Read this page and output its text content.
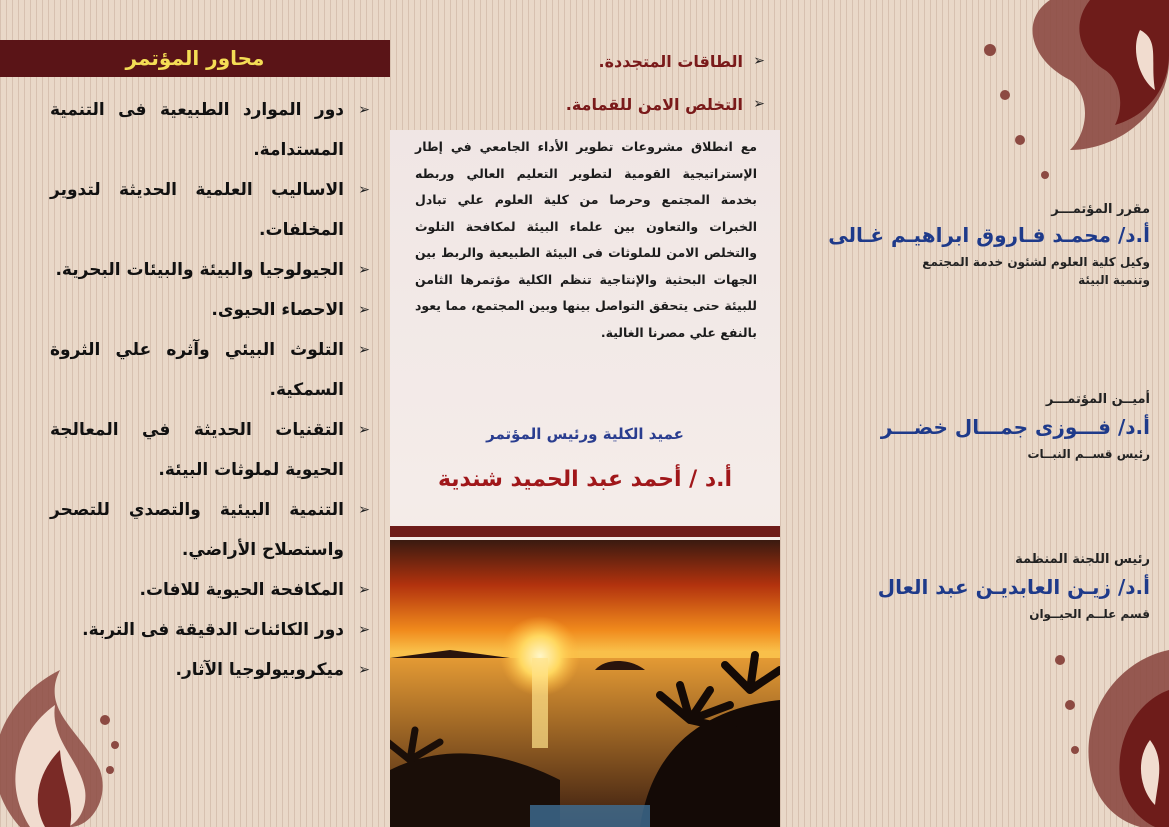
محاور المؤتمر
➢
دور الموارد الطبيعية فى التنمية المستدامة.
➢
الاساليب العلمية الحديثة لتدوير المخلفات.
➢
الجيولوجيا والبيئة والبيئات البحرية.
➢
الاحصاء الحيوى.
➢
التلوث البيئي وآثره علي الثروة السمكية.
➢
التقنيات الحديثة في المعالجة الحيوية لملوثات البيئة.
➢
التنمية البيئية والتصدي للتصحر واستصلاح الأراضي.
➢
المكافحة الحيوية للافات.
➢
دور الكائنات الدقيقة فى التربة.
➢
ميكروبيولوجيا الآثار.
➢
الطاقات المتجددة.
➢
التخلص الامن للقمامة.
مع انطلاق مشروعات تطوير الأداء الجامعي في إطار الإستراتيجية القومية لتطوير التعليم العالي وربطه بخدمة المجتمع وحرصا من كلية العلوم علي تبادل الخبرات والتعاون بين علماء البيئة لمكافحة التلوث والتخلص الامن للملوثات فى البيئة الطبيعية والربط بين الجهات البحثية والإنتاجية تنظم الكلية مؤتمرها الثامن للبيئة حتى يتحقق التواصل بينها وبين المجتمع، مما يعود بالنفع علي مصرنا الغالية.
عميد الكلية ورئيس المؤتمر
أ.د / أحمد عبد الحميد شندية
مقرر المؤتمـــر
أ.د/ محمـد فـاروق ابراهيـم غـالى
وكيل كلية العلوم لشئون خدمة المجتمع
وتنمية البيئة
أميــن المؤتمـــر
أ.د/ فـــوزى جمـــال خضـــر
رئيس قســم النبــات
رئيس اللجنة المنظمة
أ.د/ زيـن العابديـن عبد العال
قسم علــم الحيــوان
